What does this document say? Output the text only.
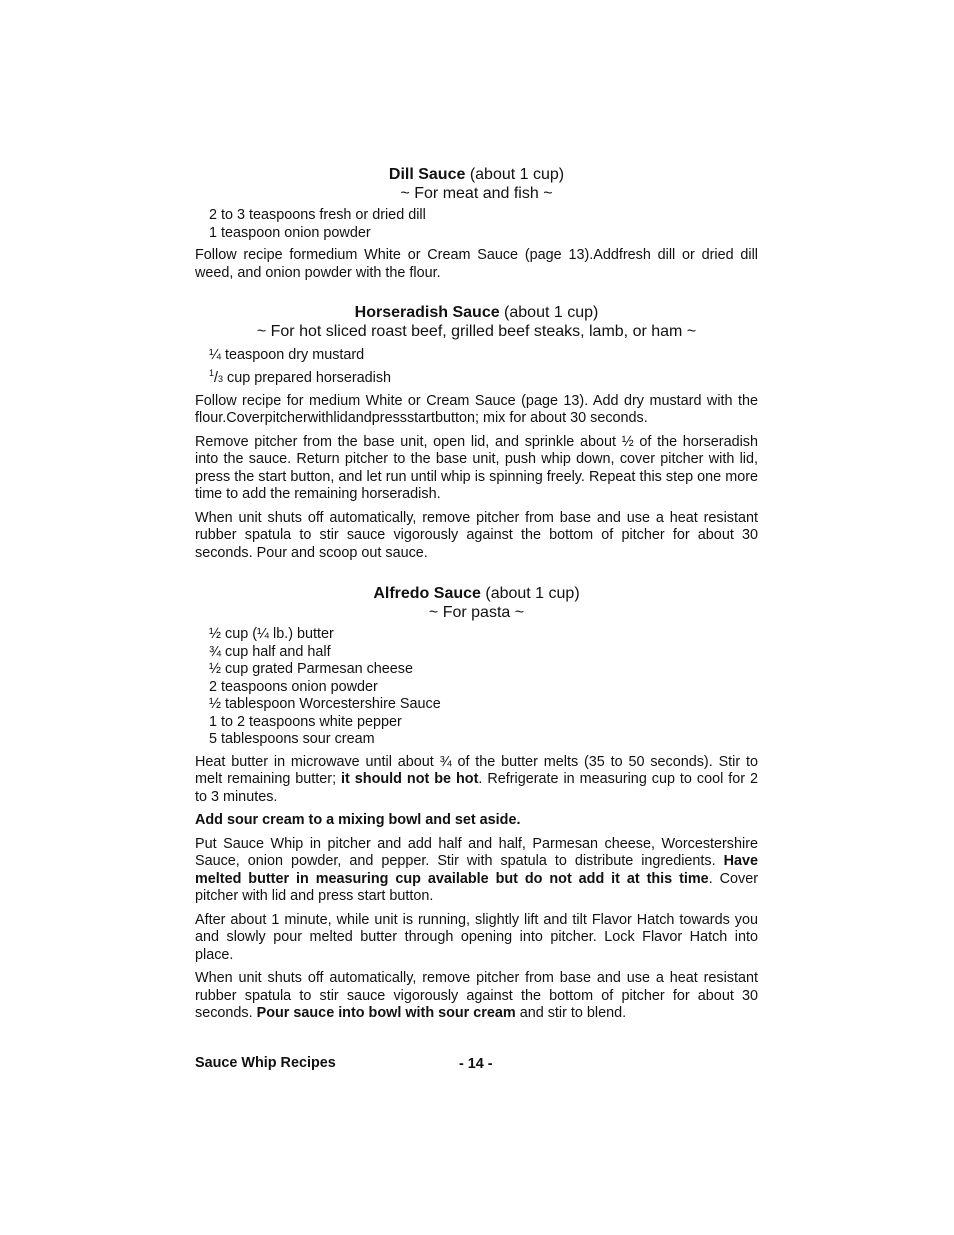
Dill Sauce (about 1 cup)
~ For meat and fish ~
2 to 3 teaspoons fresh or dried dill
1 teaspoon onion powder

Follow recipe formedium White or Cream Sauce (page 13).Addfresh dill or dried dill weed, and onion powder with the flour.

Horseradish Sauce (about 1 cup)
~ For hot sliced roast beef, grilled beef steaks, lamb, or ham ~
¼ teaspoon dry mustard
$^1/_3$ cup prepared horseradish

Follow recipe for medium White or Cream Sauce (page 13). Add dry mustard with the flour.Coverpitcherwithlidandpressstartbutton; mix for about 30 seconds.

Remove pitcher from the base unit, open lid, and sprinkle about ½ of the horseradish into the sauce. Return pitcher to the base unit, push whip down, cover pitcher with lid, press the start button, and let run until whip is spinning freely. Repeat this step one more time to add the remaining horseradish.

When unit shuts off automatically, remove pitcher from base and use a heat resistant rubber spatula to stir sauce vigorously against the bottom of pitcher for about 30 seconds. Pour and scoop out sauce.

Alfredo Sauce (about 1 cup)
~ For pasta ~
½ cup (¼ lb.) butter
¾ cup half and half
½ cup grated Parmesan cheese
2 teaspoons onion powder
½ tablespoon Worcestershire Sauce
1 to 2 teaspoons white pepper
5 tablespoons sour cream

Heat butter in microwave until about ¾ of the butter melts (35 to 50 seconds). Stir to melt remaining butter; it should not be hot. Refrigerate in measuring cup to cool for 2 to 3 minutes.

Add sour cream to a mixing bowl and set aside.

Put Sauce Whip in pitcher and add half and half, Parmesan cheese, Worcestershire Sauce, onion powder, and pepper. Stir with spatula to distribute ingredients. Have melted butter in measuring cup available but do not add it at this time. Cover pitcher with lid and press start button.

After about 1 minute, while unit is running, slightly lift and tilt Flavor Hatch towards you and slowly pour melted butter through opening into pitcher. Lock Flavor Hatch into place.

When unit shuts off automatically, remove pitcher from base and use a heat resistant rubber spatula to stir sauce vigorously against the bottom of pitcher for about 30 seconds. Pour sauce into bowl with sour cream and stir to blend.

Sauce Whip Recipes	- 14 -
